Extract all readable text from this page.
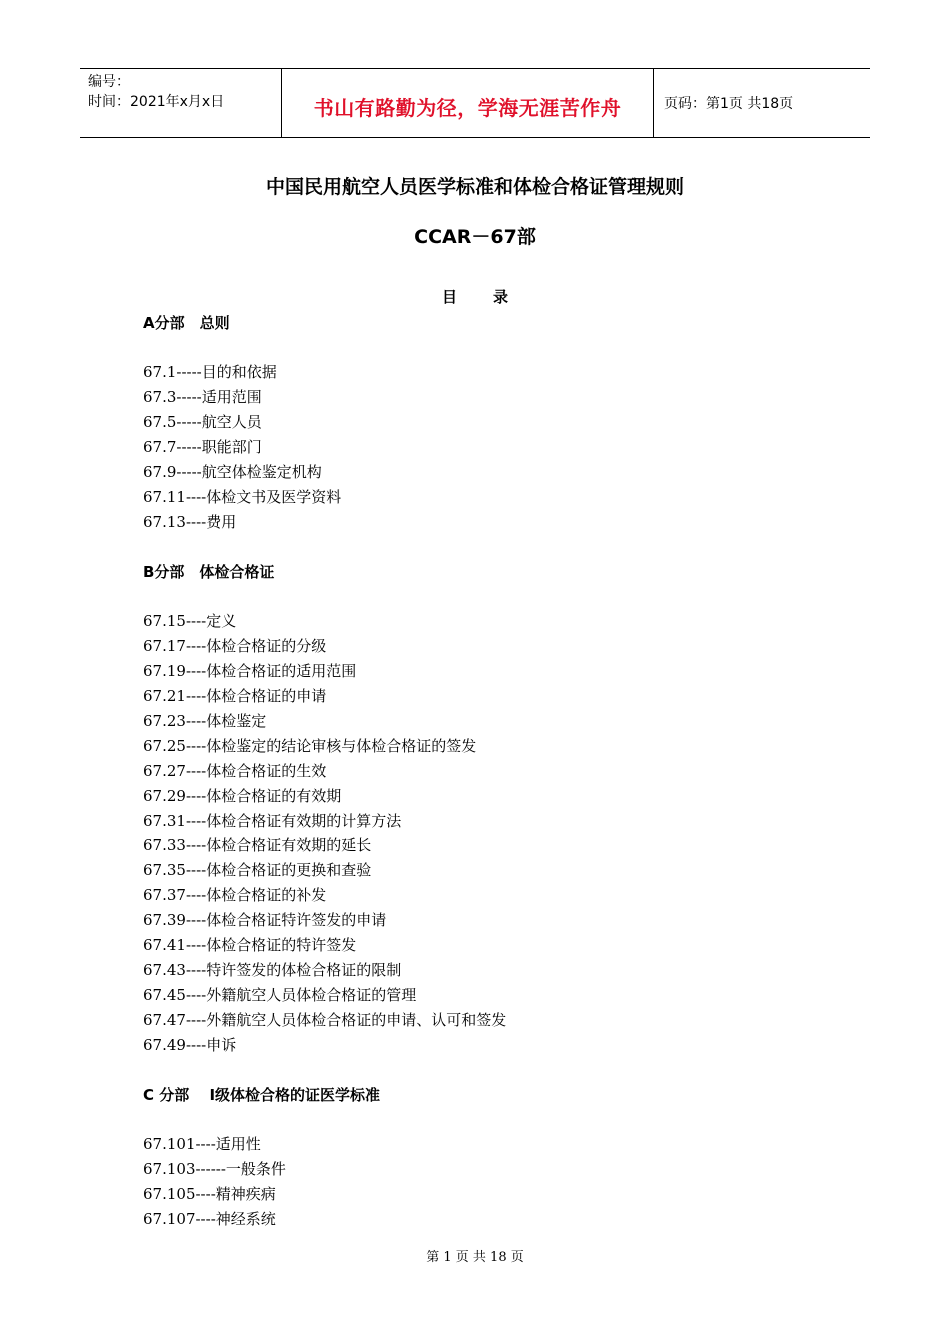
编号：
时间：2021年x月x日	书山有路勤为径，学海无涯苦作舟	页码：第1页 共18页
中国民用航空人员医学标准和体检合格证管理规则
CCAR－67部
目录
A分部　总则
67.1-----目的和依据
67.3-----适用范围
67.5-----航空人员
67.7-----职能部门
67.9-----航空体检鉴定机构
67.11----体检文书及医学资料
67.13----费用
B分部　体检合格证
67.15----定义
67.17----体检合格证的分级
67.19----体检合格证的适用范围
67.21----体检合格证的申请
67.23----体检鉴定
67.25----体检鉴定的结论审核与体检合格证的签发
67.27----体检合格证的生效
67.29----体检合格证的有效期
67.31----体检合格证有效期的计算方法
67.33----体检合格证有效期的延长
67.35----体检合格证的更换和查验
67.37----体检合格证的补发
67.39----体检合格证特许签发的申请
67.41----体检合格证的特许签发
67.43----特许签发的体检合格证的限制
67.45----外籍航空人员体检合格证的管理
67.47----外籍航空人员体检合格证的申请、认可和签发
67.49----申诉
C 分部　 Ⅰ级体检合格的证医学标准
67.101----适用性
67.103------一般条件
67.105----精神疾病
67.107----神经系统
第 1 页 共 18 页
